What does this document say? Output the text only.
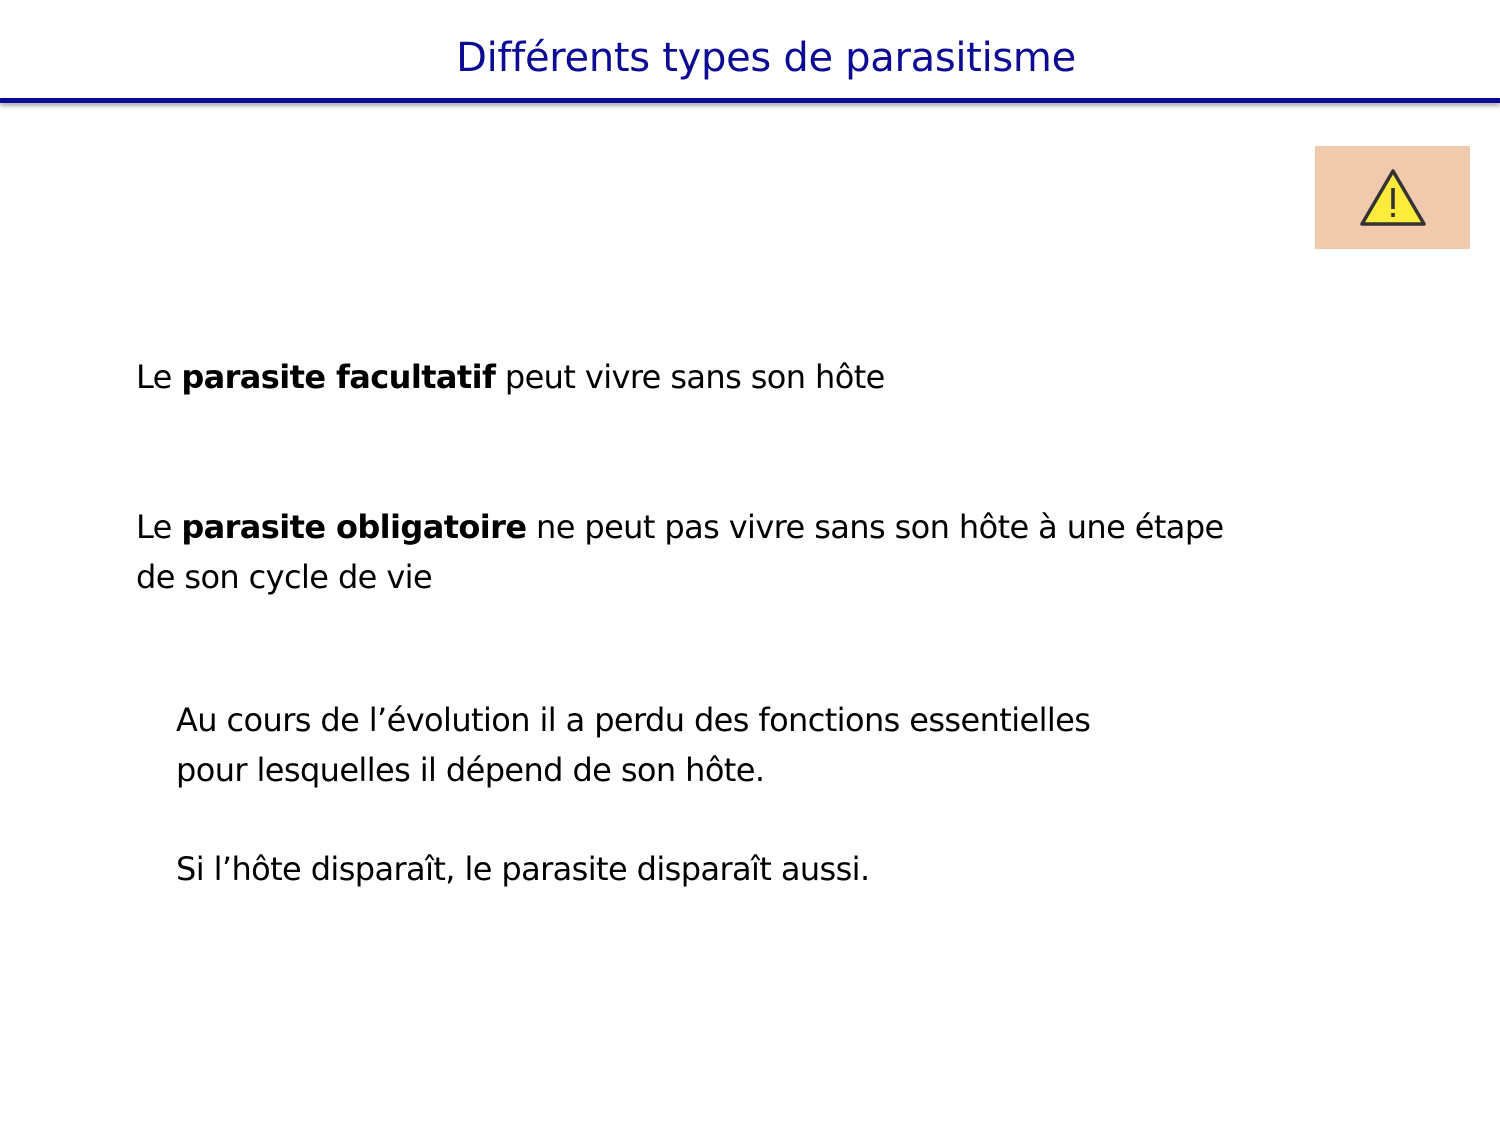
Différents types de parasitisme
Le parasite facultatif peut vivre sans son hôte
Le parasite obligatoire ne peut pas vivre sans son hôte à une étape
de son cycle de vie
Au cours de l’évolution il a perdu des fonctions essentielles
pour lesquelles il dépend de son hôte.
Si l’hôte disparaît, le parasite disparaît aussi.
